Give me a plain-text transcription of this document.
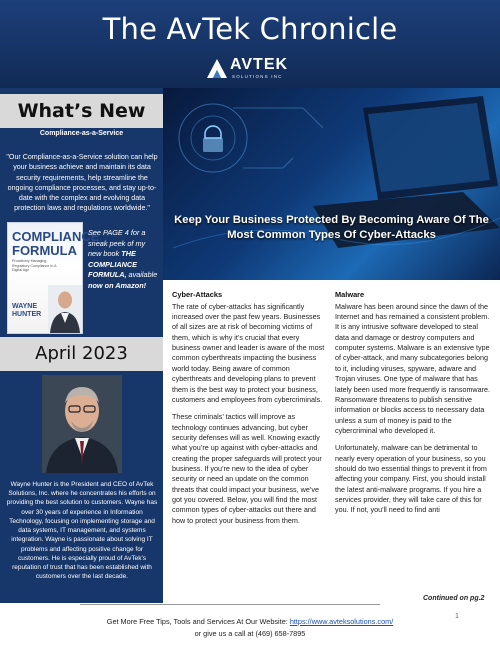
The AvTek Chronicle
AVTEK
SOLUTIONS INC
What’s New
Compliance-as-a-Service
"Our Compliance-as-a-Service solution can help your business achieve and maintain its data security requirements, help streamline the ongoing compliance processes, and stay up-to-date with the complex and evolving data protection laws and regulations worldwide."
COMPLIANCE
FORMULA
Proactively Managing Regulatory Compliance In A Digital Age
WAYNE HUNTER
See PAGE 4 for a sneak peek of my new book THE COMPLIANCE FORMULA, available now on Amazon!
April 2023
Wayne Hunter is the President and CEO of AvTek Solutions, Inc. where he concentrates his efforts on providing the best solution to customers. Wayne has over 30 years of experience in Information Technology, focusing on implementing storage and data systems, IT management, and systems integration. Wayne is passionate about solving IT problems and affecting positive change for customers. He is especially proud of AvTek's reputation of trust that has been established with customers over the last decade.
Keep Your Business Protected By Becoming Aware Of The Most Common Types Of Cyber-Attacks
Cyber-Attacks

The rate of cyber-attacks has significantly increased over the past few years. Businesses of all sizes are at risk of becoming victims of them, which is why it’s crucial that every business owner and leader is aware of the most common cyberthreats impacting the business world today. Being aware of common cyberthreats and developing plans to prevent them is the best way to protect your business, customers and employees from cybercriminals.

These criminals’ tactics will improve as technology continues advancing, but cyber security defenses will as well. Knowing exactly what you’re up against with cyber-attacks and creating the proper safeguards will protect your business. If you’re new to the idea of cyber security or need an update on the common threats that could impact your business, we’ve got you covered. Below, you will find the most common types of cyber-attacks out there and how to protect your business from them.

Malware

Malware has been around since the dawn of the Internet and has remained a consistent problem. It is any intrusive software developed to steal data and damage or destroy computers and computer systems. Malware is an extensive type of cyber-attack, and many subcategories belong to it, including viruses, spyware, adware and Trojan viruses. One type of malware that has lately been used more frequently is ransomware. Ransomware threatens to publish sensitive information or blocks access to necessary data unless a sum of money is paid to the cybercriminal who developed it.

Unfortunately, malware can be detrimental to nearly every operation of your business, so you should do two essential things to prevent it from affecting your company. First, you should install the latest anti-malware programs. If you hire a services provider, they will take care of this for you. If not, you'll need to find anti

Continued on pg.2
1
Get More Free Tips, Tools and Services At Our Website: https://www.avteksolutions.com/
or give us a call at (469) 658-7895
